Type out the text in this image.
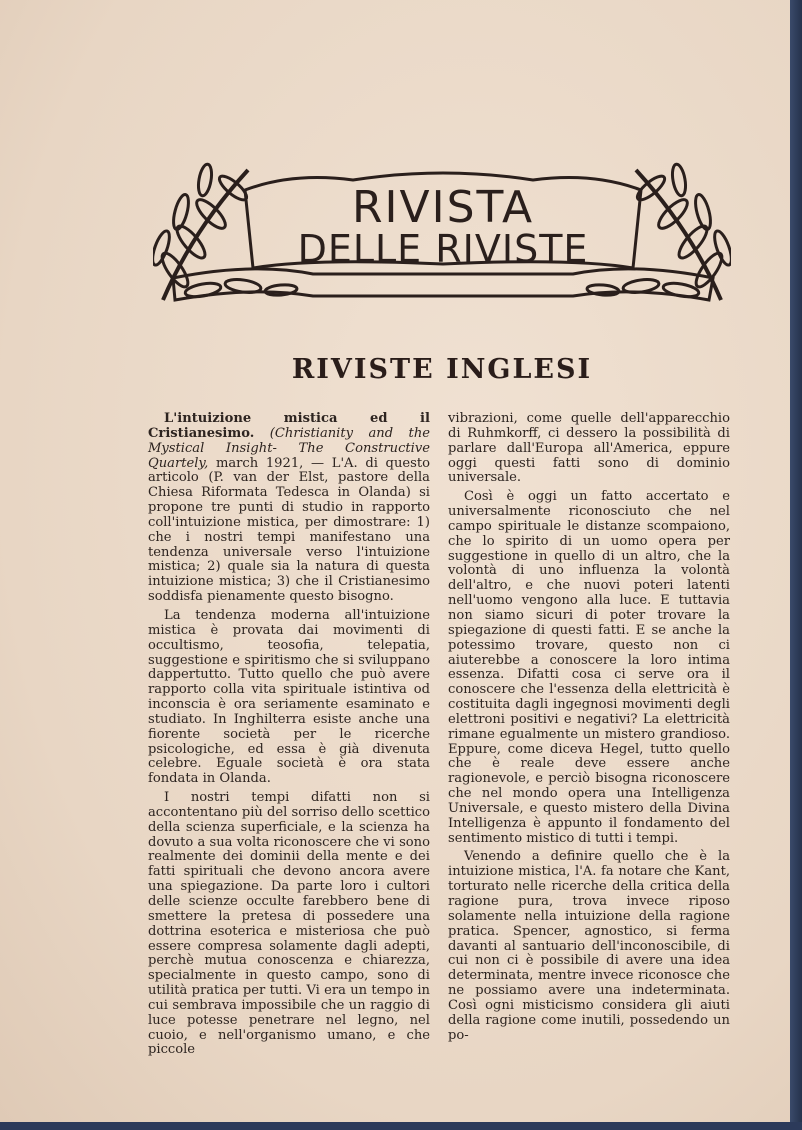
RIVISTA
DELLE RIVISTE
RIVISTE INGLESI

L'intuizione mistica ed il Cristianesimo. (Christianity and the Mystical Insight- The Constructive Quartely, march 1921, — L'A. di questo articolo (P. van der Elst, pastore della Chiesa Riformata Tedesca in Olanda) si propone tre punti di studio in rapporto coll'intuizione mistica, per dimostrare: 1) che i nostri tempi manifestano una tendenza universale verso l'intuizione mistica; 2) quale sia la natura di questa intuizione mistica; 3) che il Cristianesimo soddisfa pienamente questo bisogno.

La tendenza moderna all'intuizione mistica è provata dai movimenti di occultismo, teosofia, telepatia, suggestione e spiritismo che si sviluppano dappertutto. Tutto quello che può avere rapporto colla vita spirituale istintiva od inconscia è ora seriamente esaminato e studiato. In Inghilterra esiste anche una fiorente società per le ricerche psicologiche, ed essa è già divenuta celebre. Eguale società è ora stata fondata in Olanda.

I nostri tempi difatti non si accontentano più del sorriso dello scettico della scienza superficiale, e la scienza ha dovuto a sua volta riconoscere che vi sono realmente dei dominii della mente e dei fatti spirituali che devono ancora avere una spiegazione. Da parte loro i cultori delle scienze occulte farebbero bene di smettere la pretesa di possedere una dottrina esoterica e misteriosa che può essere compresa solamente dagli adepti, perchè mutua conoscenza e chiarezza, specialmente in questo campo, sono di utilità pratica per tutti. Vi era un tempo in cui sembrava impossibile che un raggio di luce potesse penetrare nel legno, nel cuoio, e nell'organismo umano, e che piccole

vibrazioni, come quelle dell'apparecchio di Ruhmkorff, ci dessero la possibilità di parlare dall'Europa all'America, eppure oggi questi fatti sono di dominio universale.

Così è oggi un fatto accertato e universalmente riconosciuto che nel campo spirituale le distanze scompaiono, che lo spirito di un uomo opera per suggestione in quello di un altro, che la volontà di uno influenza la volontà dell'altro, e che nuovi poteri latenti nell'uomo vengono alla luce. E tuttavia non siamo sicuri di poter trovare la spiegazione di questi fatti. E se anche la potessimo trovare, questo non ci aiuterebbe a conoscere la loro intima essenza. Difatti cosa ci serve ora il conoscere che l'essenza della elettricità è costituita dagli ingegnosi movimenti degli elettroni positivi e negativi? La elettricità rimane egualmente un mistero grandioso. Eppure, come diceva Hegel, tutto quello che è reale deve essere anche ragionevole, e perciò bisogna riconoscere che nel mondo opera una Intelligenza Universale, e questo mistero della Divina Intelligenza è appunto il fondamento del sentimento mistico di tutti i tempi.

Venendo a definire quello che è la intuizione mistica, l'A. fa notare che Kant, torturato nelle ricerche della critica della ragione pura, trova invece riposo solamente nella intuizione della ragione pratica. Spencer, agnostico, si ferma davanti al santuario dell'inconoscibile, di cui non ci è possibile di avere una idea determinata, mentre invece riconosce che ne possiamo avere una indeterminata. Così ogni misticismo considera gli aiuti della ragione come inutili, possedendo un po-
